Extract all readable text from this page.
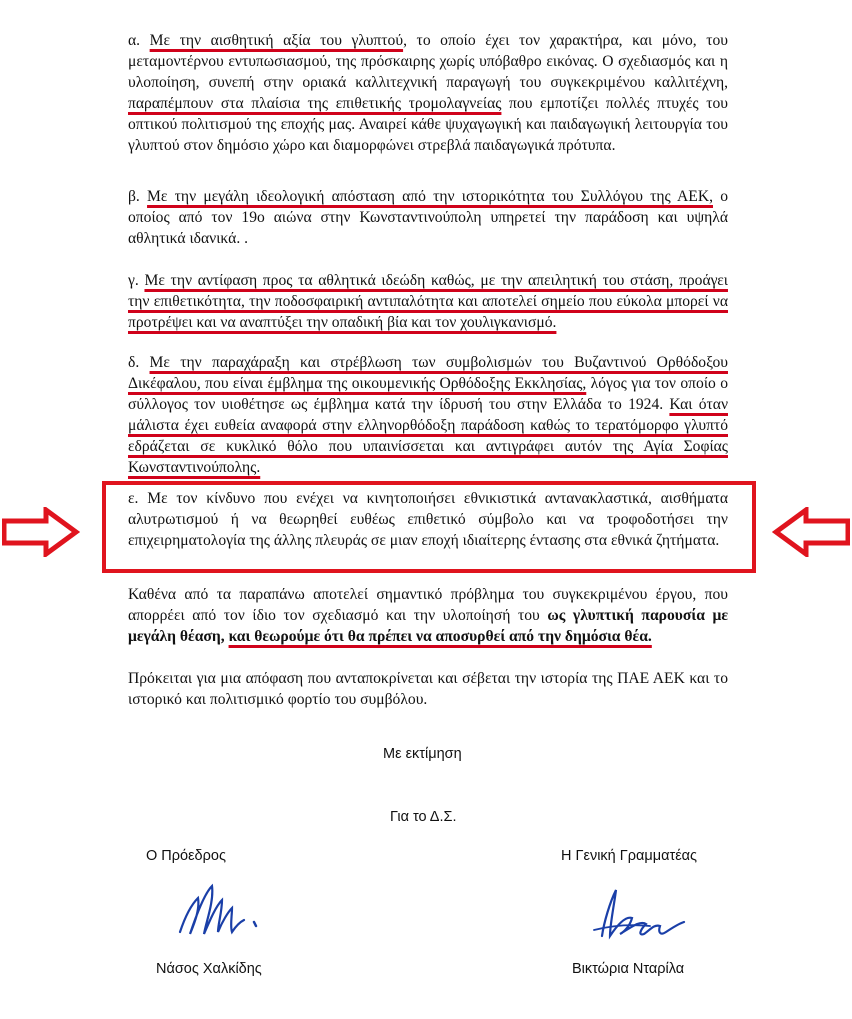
α. Με την αισθητική αξία του γλυπτού, το οποίο έχει τον χαρακτήρα, και μόνο, του μεταμοντέρνου εντυπωσιασμού, της πρόσκαιρης χωρίς υπόβαθρο εικόνας. Ο σχεδιασμός και η υλοποίηση, συνεπή στην οριακά καλλιτεχνική παραγωγή του συγκεκριμένου καλλιτέχνη, παραπέμπουν στα πλαίσια της επιθετικής τρομολαγνείας που εμποτίζει πολλές πτυχές του οπτικού πολιτισμού της εποχής μας. Αναιρεί κάθε ψυχαγωγική και παιδαγωγική λειτουργία του γλυπτού στον δημόσιο χώρο και διαμορφώνει στρεβλά παιδαγωγικά πρότυπα.

β. Με την μεγάλη ιδεολογική απόσταση από την ιστορικότητα του Συλλόγου της ΑΕΚ, ο οποίος από τον 19ο αιώνα στην Κωνσταντινούπολη υπηρετεί την παράδοση και υψηλά αθλητικά ιδανικά. .

γ. Με την αντίφαση προς τα αθλητικά ιδεώδη καθώς, με την απειλητική του στάση, προάγει την επιθετικότητα, την ποδοσφαιρική αντιπαλότητα και αποτελεί σημείο που εύκολα μπορεί να προτρέψει και να αναπτύξει την οπαδική βία και τον χουλιγκανισμό.

δ. Με την παραχάραξη και στρέβλωση των συμβολισμών του Βυζαντινού Ορθόδοξου Δικέφαλου, που είναι έμβλημα της οικουμενικής Ορθόδοξης Εκκλησίας, λόγος για τον οποίο ο σύλλογος τον υιοθέτησε ως έμβλημα κατά την ίδρυσή του στην Ελλάδα το 1924. Και όταν μάλιστα έχει ευθεία αναφορά στην ελληνορθόδοξη παράδοση καθώς το τερατόμορφο γλυπτό εδράζεται σε κυκλικό θόλο που υπαινίσσεται και αντιγράφει αυτόν της Αγία Σοφίας Κωνσταντινούπολης.

ε. Με τον κίνδυνο που ενέχει να κινητοποιήσει εθνικιστικά αντανακλαστικά, αισθήματα αλυτρωτισμού ή να θεωρηθεί ευθέως επιθετικό σύμβολο και να τροφοδοτήσει την επιχειρηματολογία της άλλης πλευράς σε μιαν εποχή ιδιαίτερης έντασης στα εθνικά ζητήματα.

Καθένα από τα παραπάνω αποτελεί σημαντικό πρόβλημα του συγκεκριμένου έργου, που απορρέει από τον ίδιο τον σχεδιασμό και την υλοποίησή του ως γλυπτική παρουσία με μεγάλη θέαση, και θεωρούμε ότι θα πρέπει να αποσυρθεί από την δημόσια θέα.

Πρόκειται για μια απόφαση που ανταποκρίνεται και σέβεται την ιστορία της ΠΑΕ ΑΕΚ και το ιστορικό και πολιτισμικό φορτίο του συμβόλου.

Με εκτίμηση
Για το Δ.Σ.
Ο Πρόεδρος	Η Γενική Γραμματέας
Νάσος Χαλκίδης	Βικτώρια Νταρίλα
